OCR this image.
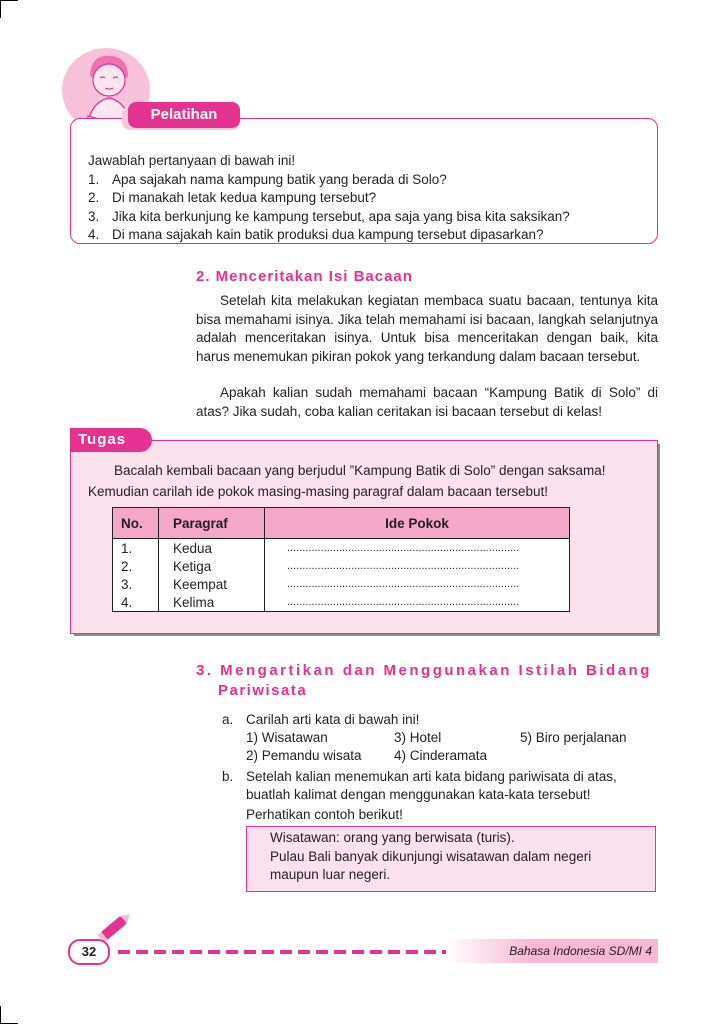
Pelatihan
Jawablah pertanyaan di bawah ini!
1. Apa sajakah nama kampung batik yang berada di Solo?
2. Di manakah letak kedua kampung tersebut?
3. Jika kita berkunjung ke kampung tersebut, apa saja yang bisa kita saksikan?
4. Di mana sajakah kain batik produksi dua kampung tersebut dipasarkan?
2. Menceritakan Isi Bacaan
Setelah kita melakukan kegiatan membaca suatu bacaan, tentunya kita bisa memahami isinya. Jika telah memahami isi bacaan, langkah selanjutnya adalah menceritakan isinya. Untuk bisa menceritakan dengan baik, kita harus menemukan pikiran pokok yang terkandung dalam bacaan tersebut.
Apakah kalian sudah memahami bacaan “Kampung Batik di Solo” di atas? Jika sudah, coba kalian ceritakan isi bacaan tersebut di kelas!
Tugas
Bacalah kembali bacaan yang berjudul ”Kampung Batik di Solo” dengan saksama!
Kemudian carilah ide pokok masing-masing paragraf dalam bacaan tersebut!
No.	Paragraf	Ide Pokok
1.	Kedua	............................................................................
2.	Ketiga	............................................................................
3.	Keempat	............................................................................
4.	Kelima	............................................................................
3. Mengartikan dan Menggunakan Istilah Bidang
Pariwisata
a. Carilah arti kata di bawah ini!
1) Wisatawan	3) Hotel	5) Biro perjalanan
2) Pemandu wisata 4) Cinderamata
b. Setelah kalian menemukan arti kata bidang pariwisata di atas,
buatlah kalimat dengan menggunakan kata-kata tersebut!
Perhatikan contoh berikut!
Wisatawan: orang yang berwisata (turis).
Pulau Bali banyak dikunjungi wisatawan dalam negeri
maupun luar negeri.
32	Bahasa Indonesia SD/MI 4
